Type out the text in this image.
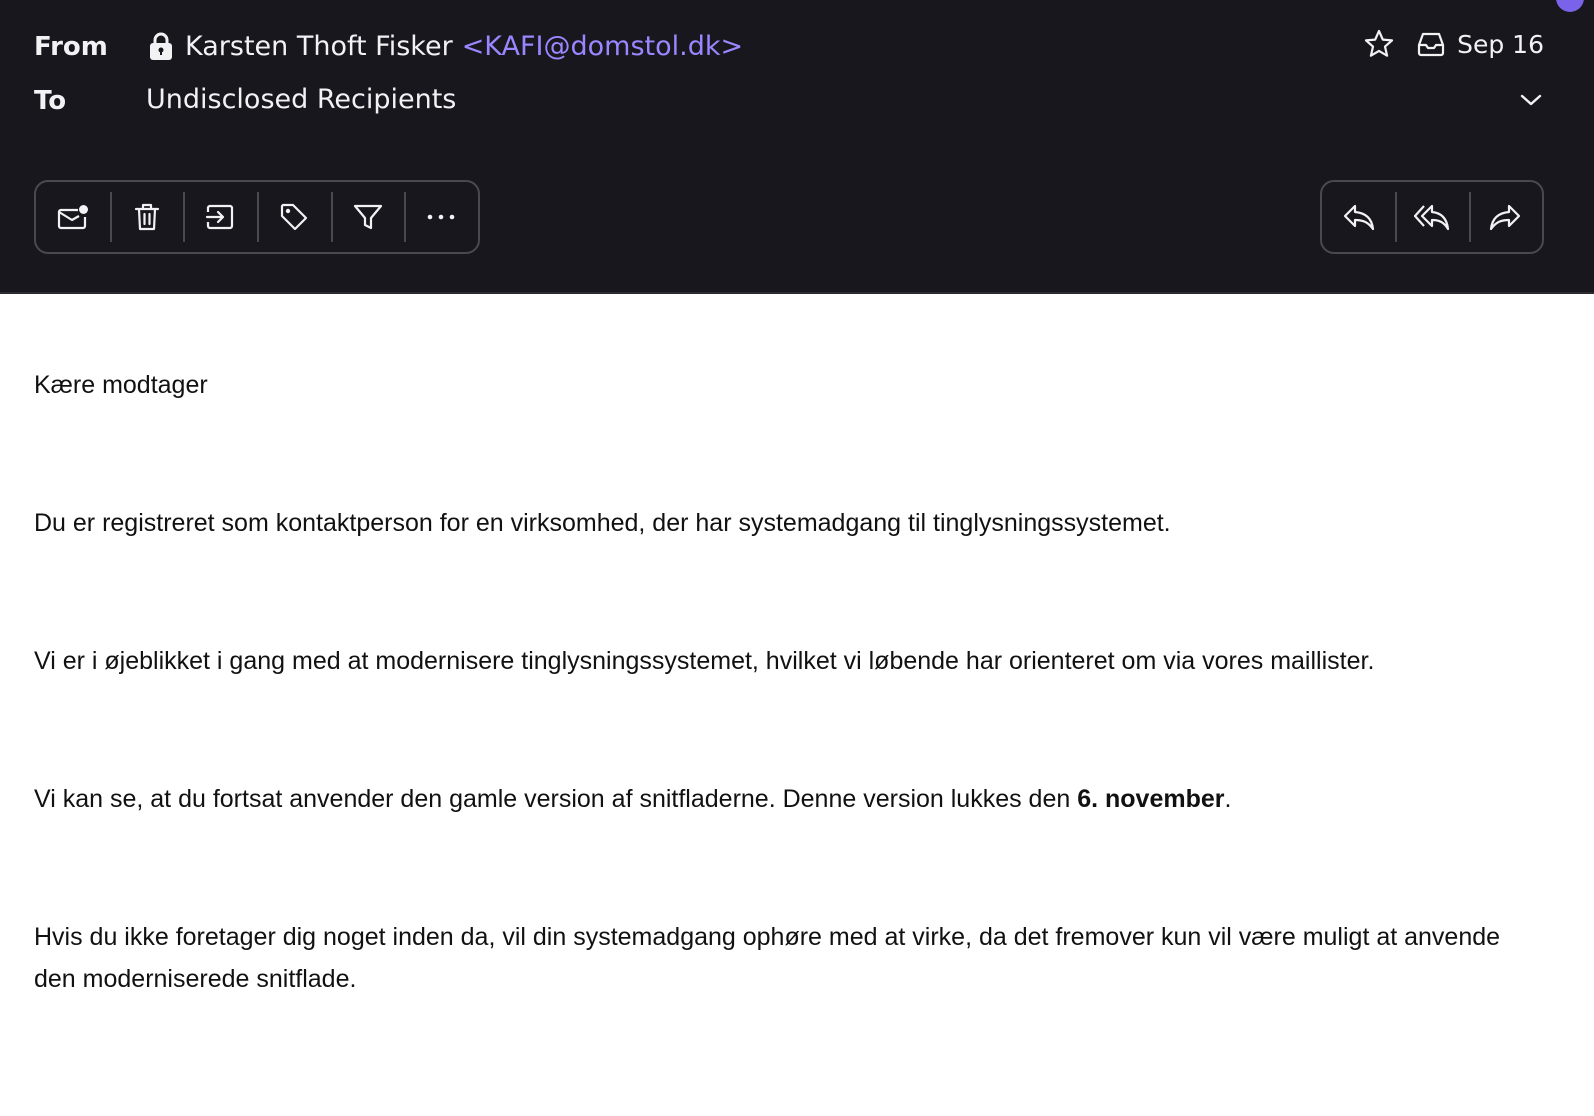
From	Karsten Thoft Fisker <KAFI@domstol.dk>
To	Undisclosed Recipients
Sep 16

Kære modtager

Du er registreret som kontaktperson for en virksomhed, der har systemadgang til tinglysningssystemet.

Vi er i øjeblikket i gang med at modernisere tinglysningssystemet, hvilket vi løbende har orienteret om via vores maillister.

Vi kan se, at du fortsat anvender den gamle version af snitfladerne. Denne version lukkes den 6. november.

Hvis du ikke foretager dig noget inden da, vil din systemadgang ophøre med at virke, da det fremover kun vil være muligt at anvende den moderniserede snitflade.
